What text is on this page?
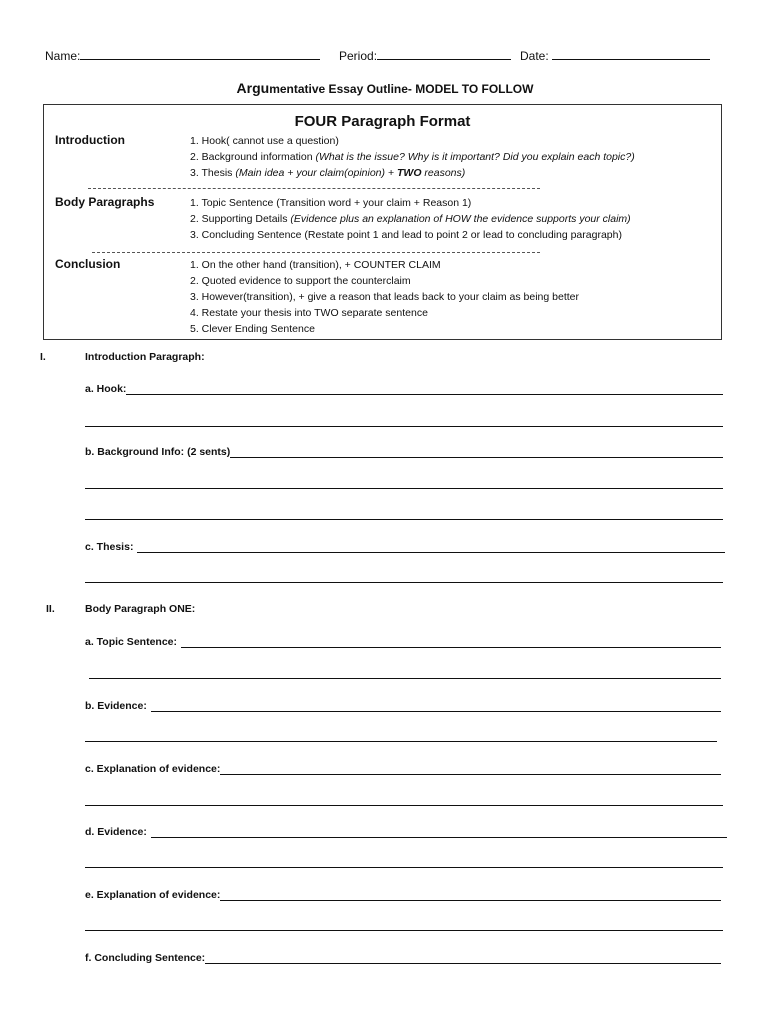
Name:	Period:	Date:
Argumentative Essay Outline- MODEL TO FOLLOW
FOUR Paragraph Format
Introduction	1. Hook( cannot use a question)
2. Background information (What is the issue? Why is it important? Did you explain each topic?)
3. Thesis (Main idea + your claim(opinion) + TWO reasons)
Body Paragraphs	1. Topic Sentence (Transition word + your claim + Reason 1)
2. Supporting Details (Evidence plus an explanation of HOW the evidence supports your claim)
3. Concluding Sentence (Restate point 1 and lead to point 2 or lead to concluding paragraph)
Conclusion	1. On the other hand (transition), + COUNTER CLAIM
2. Quoted evidence to support the counterclaim
3. However(transition), + give a reason that leads back to your claim as being better
4. Restate your thesis into TWO separate sentence
5. Clever Ending Sentence
I.	Introduction Paragraph:
a. Hook:
b. Background Info: (2 sents)
c. Thesis:
II.	Body Paragraph ONE:
a. Topic Sentence:
b. Evidence:
c. Explanation of evidence:
d. Evidence:
e. Explanation of evidence:
f. Concluding Sentence:
